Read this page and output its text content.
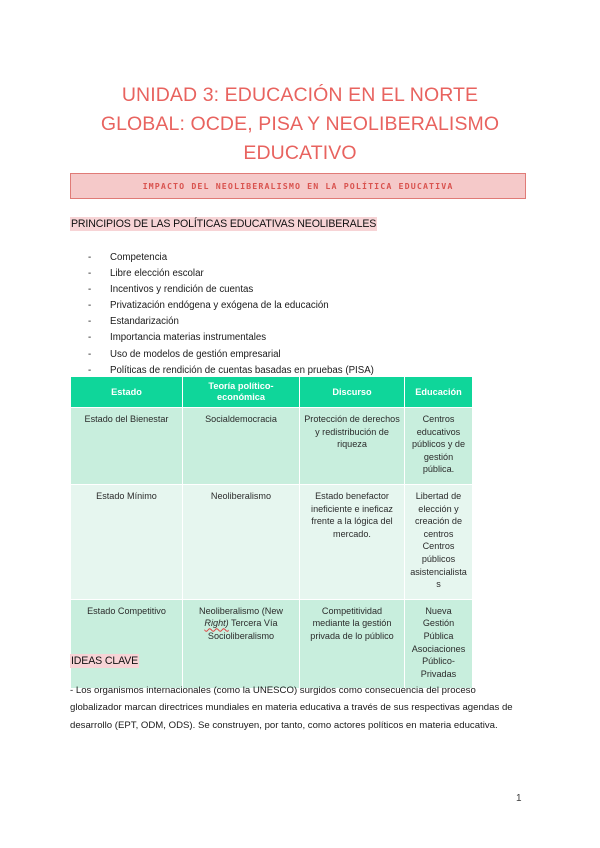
UNIDAD 3: EDUCACIÓN EN EL NORTE GLOBAL: OCDE, PISA Y NEOLIBERALISMO EDUCATIVO
IMPACTO DEL NEOLIBERALISMO EN LA POLÍTICA EDUCATIVA
PRINCIPIOS DE LAS POLÍTICAS EDUCATIVAS NEOLIBERALES
-	Competencia
-	Libre elección escolar
-	Incentivos y rendición de cuentas
-	Privatización endógena y exógena de la educación
-	Estandarización
-	Importancia materias instrumentales
-	Uso de modelos de gestión empresarial
-	Políticas de rendición de cuentas basadas en pruebas (PISA)
Estado	Teoría político-económica	Discurso	Educación
Estado del Bienestar	Socialdemocracia	Protección de derechos y redistribución de riqueza	Centros educativos públicos y de gestión pública.
Estado Mínimo	Neoliberalismo	Estado benefactor ineficiente e ineficaz frente a la lógica del mercado.	Libertad de elección y creación de centros Centros públicos asistencialistas
Estado Competitivo	Neoliberalismo (New Right) Tercera Vía Socioliberalismo	Competitividad mediante la gestión privada de lo público	Nueva Gestión Pública Asociaciones Público-Privadas
IDEAS CLAVE

- Los organismos internacionales (como la UNESCO) surgidos como consecuencia del proceso globalizador marcan directrices mundiales en materia educativa a través de sus respectivas agendas de desarrollo (EPT, ODM, ODS). Se construyen, por tanto, como actores políticos en materia educativa.

1
